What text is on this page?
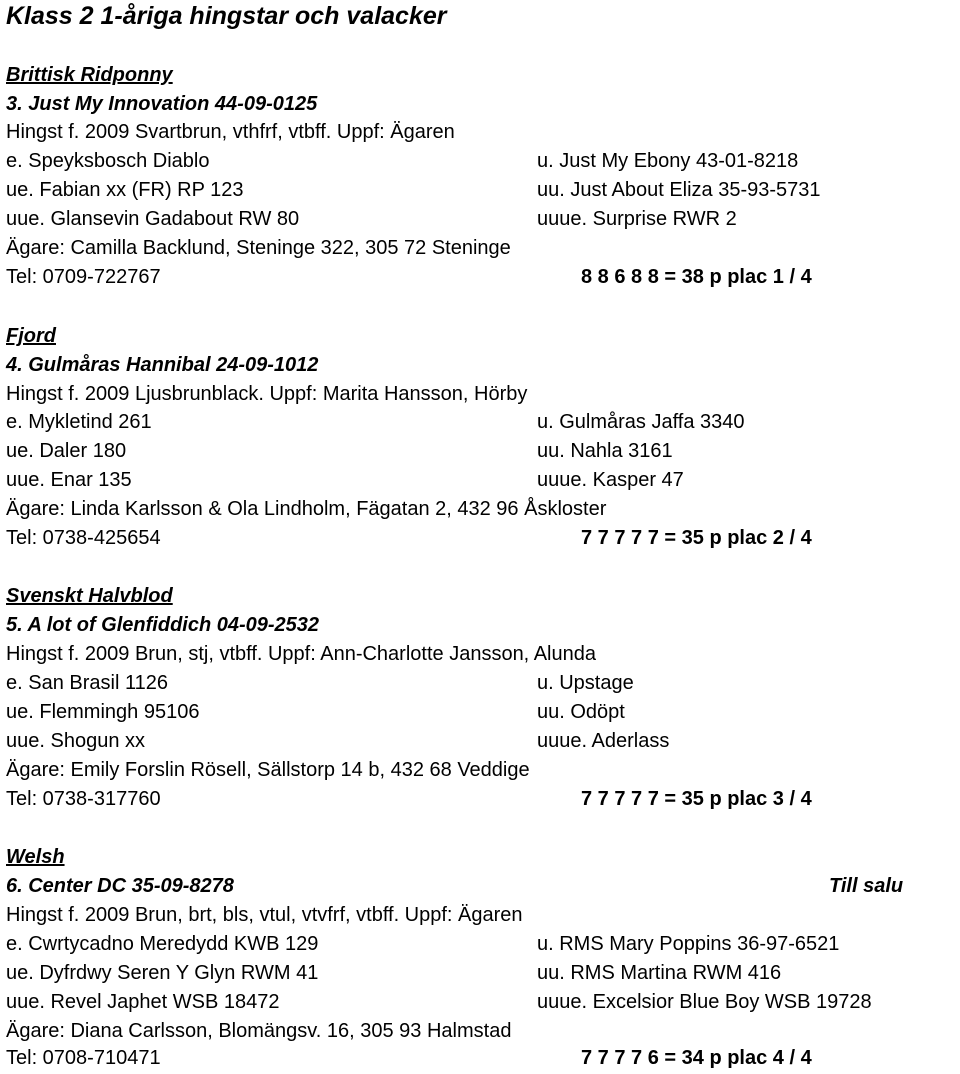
Klass 2 1-åriga hingstar och valacker
Brittisk Ridponny
3. Just My Innovation 44-09-0125
Hingst f. 2009 Svartbrun, vthfrf, vtbff. Uppf: Ägaren
e. Speyksbosch Diablo	u. Just My Ebony 43-01-8218
ue. Fabian xx (FR) RP 123	uu. Just About Eliza 35-93-5731
uue. Glansevin Gadabout RW 80	uuue. Surprise RWR 2
Ägare: Camilla Backlund, Steninge 322, 305 72 Steninge
Tel: 0709-722767	8 8 6 8 8 = 38 p plac 1 / 4
Fjord
4. Gulmåras Hannibal 24-09-1012
Hingst f. 2009 Ljusbrunblack. Uppf: Marita Hansson, Hörby
e. Mykletind 261	u. Gulmåras Jaffa 3340
ue. Daler 180	uu. Nahla 3161
uue. Enar 135	uuue. Kasper 47
Ägare: Linda Karlsson & Ola Lindholm, Fägatan 2, 432 96 Åskloster
Tel: 0738-425654	7 7 7 7 7 = 35 p plac 2 / 4
Svenskt Halvblod
5. A lot of Glenfiddich 04-09-2532
Hingst f. 2009 Brun, stj, vtbff. Uppf: Ann-Charlotte Jansson, Alunda
e. San Brasil 1126	u. Upstage
ue. Flemmingh 95106	uu. Odöpt
uue. Shogun xx	uuue. Aderlass
Ägare: Emily Forslin Rösell, Sällstorp 14 b, 432 68 Veddige
Tel: 0738-317760	7 7 7 7 7 = 35 p plac 3 / 4
Welsh
6. Center DC 35-09-8278	Till salu
Hingst f. 2009 Brun, brt, bls, vtul, vtvfrf, vtbff. Uppf: Ägaren
e. Cwrtycadno Meredydd KWB 129	u. RMS Mary Poppins 36-97-6521
ue. Dyfrdwy Seren Y Glyn RWM 41	uu. RMS Martina RWM 416
uue. Revel Japhet WSB 18472	uuue. Excelsior Blue Boy WSB 19728
Ägare: Diana Carlsson, Blomängsv. 16, 305 93 Halmstad
Tel: 0708-710471	7 7 7 7 6 = 34 p plac 4 / 4
